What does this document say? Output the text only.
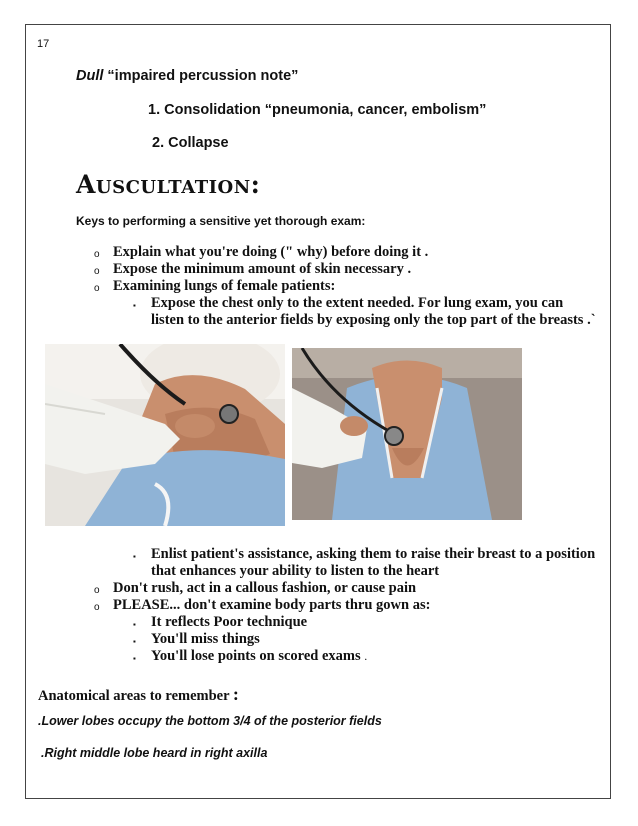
17
Dull “impaired percussion note”
1. Consolidation “pneumonia, cancer, embolism”
2. Collapse
Auscultation:
Keys to performing a sensitive yet thorough exam:
o Explain what you're doing (" why) before doing it .
o Expose the minimum amount of skin necessary .
o Examining lungs of female patients:
▪ Expose the chest only to the extent needed. For lung exam, you can
listen to the anterior fields by exposing only the top part of the breasts .`
▪ Enlist patient's assistance, asking them to raise their breast to a position
that enhances your ability to listen to the heart
o Don't rush, act in a callous fashion, or cause pain
o PLEASE... don't examine body parts thru gown as:
▪ It reflects Poor technique
▪ You'll miss things
▪ You'll lose points on scored exams .
Anatomical areas to remember :
.Lower lobes occupy the bottom 3/4 of the posterior fields
.Right middle lobe heard in right axilla
